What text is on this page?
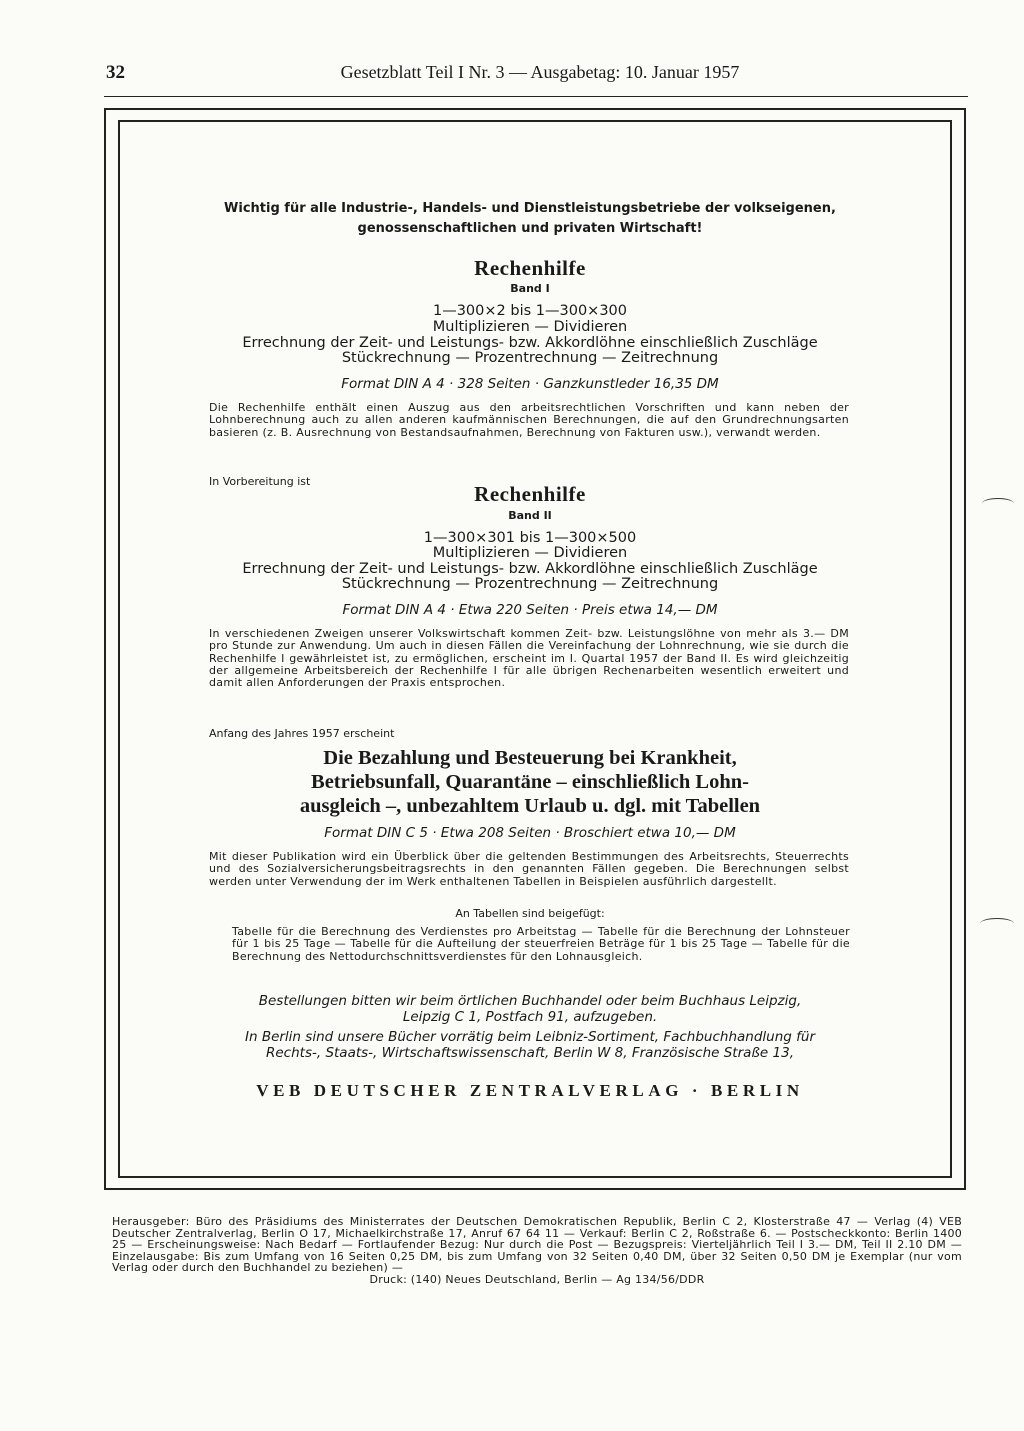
32	Gesetzblatt Teil I Nr. 3 — Ausgabetag: 10. Januar 1957
Wichtig für alle Industrie-, Handels- und Dienstleistungsbetriebe der volkseigenen,
genossenschaftlichen und privaten Wirtschaft!
Rechenhilfe
Band I
1—300×2 bis 1—300×300
Multiplizieren — Dividieren
Errechnung der Zeit- und Leistungs- bzw. Akkordlöhne einschließlich Zuschläge
Stückrechnung — Prozentrechnung — Zeitrechnung
Format DIN A 4 · 328 Seiten · Ganzkunstleder 16,35 DM
Die Rechenhilfe enthält einen Auszug aus den arbeitsrechtlichen Vorschriften und kann neben der Lohnberechnung auch zu allen anderen kaufmännischen Berechnungen, die auf den Grundrechnungsarten basieren (z. B. Ausrechnung von Bestandsaufnahmen, Berechnung von Fakturen usw.), verwandt werden.
In Vorbereitung ist
Rechenhilfe
Band II
1—300×301 bis 1—300×500
Multiplizieren — Dividieren
Errechnung der Zeit- und Leistungs- bzw. Akkordlöhne einschließlich Zuschläge
Stückrechnung — Prozentrechnung — Zeitrechnung
Format DIN A 4 · Etwa 220 Seiten · Preis etwa 14,— DM
In verschiedenen Zweigen unserer Volkswirtschaft kommen Zeit- bzw. Leistungslöhne von mehr als 3.— DM pro Stunde zur Anwendung. Um auch in diesen Fällen die Vereinfachung der Lohnrechnung, wie sie durch die Rechenhilfe I gewährleistet ist, zu ermöglichen, erscheint im I. Quartal 1957 der Band II. Es wird gleichzeitig der allgemeine Arbeitsbereich der Rechenhilfe I für alle übrigen Rechenarbeiten wesentlich erweitert und damit allen Anforderungen der Praxis entsprochen.
Anfang des Jahres 1957 erscheint
Die Bezahlung und Besteuerung bei Krankheit,
Betriebsunfall, Quarantäne – einschließlich Lohn-
ausgleich –, unbezahltem Urlaub u. dgl. mit Tabellen
Format DIN C 5 · Etwa 208 Seiten · Broschiert etwa 10,— DM
Mit dieser Publikation wird ein Überblick über die geltenden Bestimmungen des Arbeitsrechts, Steuerrechts und des Sozialversicherungsbeitragsrechts in den genannten Fällen gegeben. Die Berechnungen selbst werden unter Verwendung der im Werk enthaltenen Tabellen in Beispielen ausführlich dargestellt.
An Tabellen sind beigefügt:
Tabelle für die Berechnung des Verdienstes pro Arbeitstag — Tabelle für die Berechnung der Lohnsteuer für 1 bis 25 Tage — Tabelle für die Aufteilung der steuerfreien Beträge für 1 bis 25 Tage — Tabelle für die Berechnung des Nettodurchschnittsverdienstes für den Lohnausgleich.
Bestellungen bitten wir beim örtlichen Buchhandel oder beim Buchhaus Leipzig,
Leipzig C 1, Postfach 91, aufzugeben.
In Berlin sind unsere Bücher vorrätig beim Leibniz-Sortiment, Fachbuchhandlung für
Rechts-, Staats-, Wirtschaftswissenschaft, Berlin W 8, Französische Straße 13,
VEB DEUTSCHER ZENTRALVERLAG · BERLIN
Herausgeber: Büro des Präsidiums des Ministerrates der Deutschen Demokratischen Republik, Berlin C 2, Klosterstraße 47 — Verlag (4) VEB Deutscher Zentralverlag, Berlin O 17, Michaelkirchstraße 17, Anruf 67 64 11 — Verkauf: Berlin C 2, Roßstraße 6. — Postscheckkonto: Berlin 1400 25 — Erscheinungsweise: Nach Bedarf — Fortlaufender Bezug: Nur durch die Post — Bezugspreis: Vierteljährlich Teil I 3.— DM, Teil II 2.10 DM — Einzelausgabe: Bis zum Umfang von 16 Seiten 0,25 DM, bis zum Umfang von 32 Seiten 0,40 DM, über 32 Seiten 0,50 DM je Exemplar (nur vom Verlag oder durch den Buchhandel zu beziehen) —
Druck: (140) Neues Deutschland, Berlin — Ag 134/56/DDR
